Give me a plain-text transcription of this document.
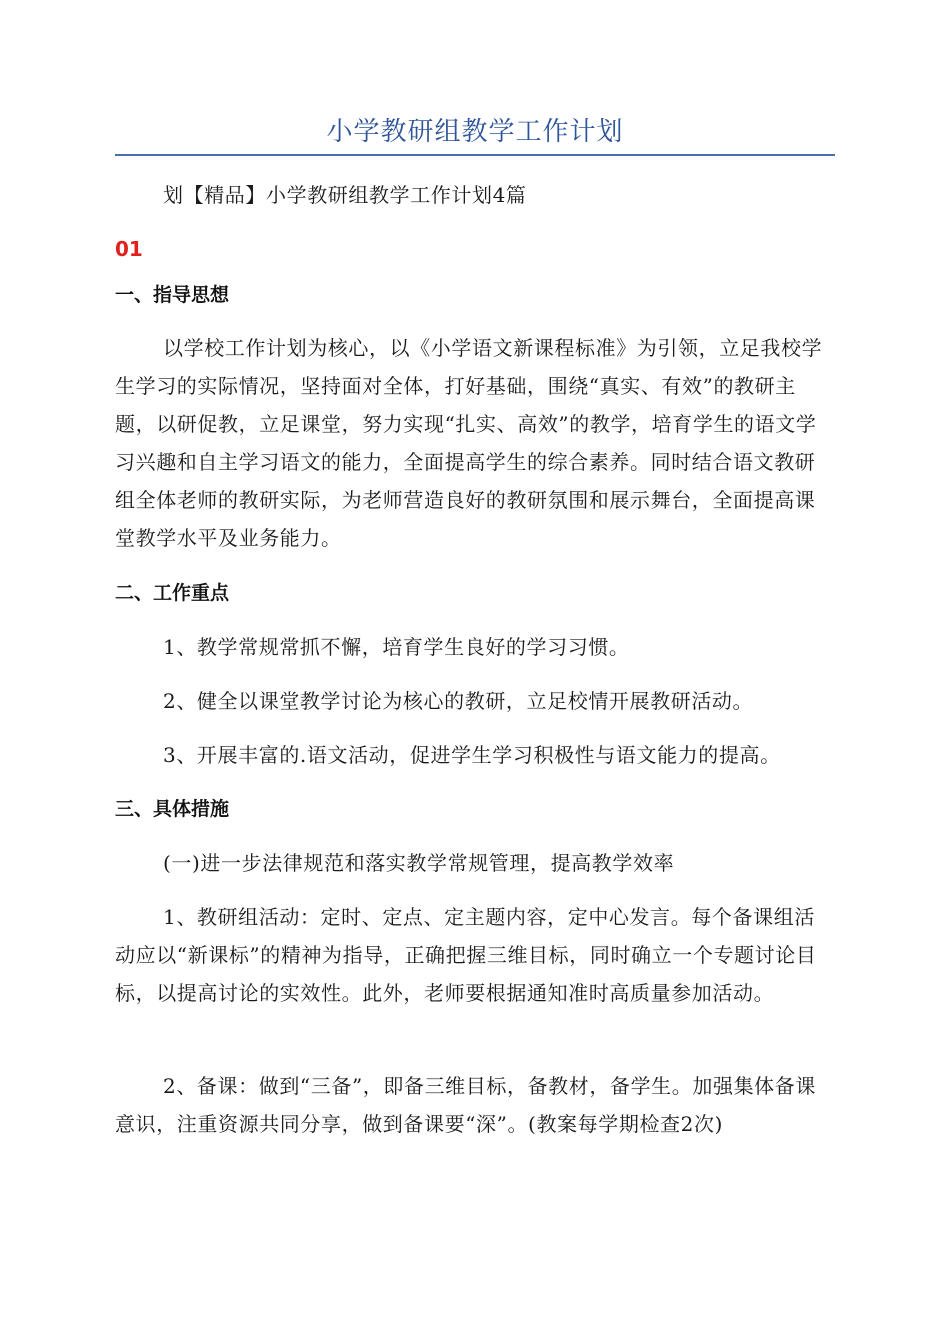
小学教研组教学工作计划
划【精品】小学教研组教学工作计划4篇
01
一、指导思想
以学校工作计划为核心，以《小学语文新课程标准》为引领，立足我校学生学习的实际情况，坚持面对全体，打好基础，围绕“真实、有效”的教研主题，以研促教，立足课堂，努力实现“扎实、高效”的教学，培育学生的语文学习兴趣和自主学习语文的能力，全面提高学生的综合素养。同时结合语文教研组全体老师的教研实际，为老师营造良好的教研氛围和展示舞台，全面提高课堂教学水平及业务能力。
二、工作重点
1、教学常规常抓不懈，培育学生良好的学习习惯。
2、健全以课堂教学讨论为核心的教研，立足校情开展教研活动。
3、开展丰富的.语文活动，促进学生学习积极性与语文能力的提高。
三、具体措施
(一)进一步法律规范和落实教学常规管理，提高教学效率
1、教研组活动：定时、定点、定主题内容，定中心发言。每个备课组活动应以“新课标”的精神为指导，正确把握三维目标，同时确立一个专题讨论目标，以提高讨论的实效性。此外，老师要根据通知准时高质量参加活动。
2、备课：做到“三备”，即备三维目标，备教材，备学生。加强集体备课意识，注重资源共同分享，做到备课要“深”。(教案每学期检查2次)
